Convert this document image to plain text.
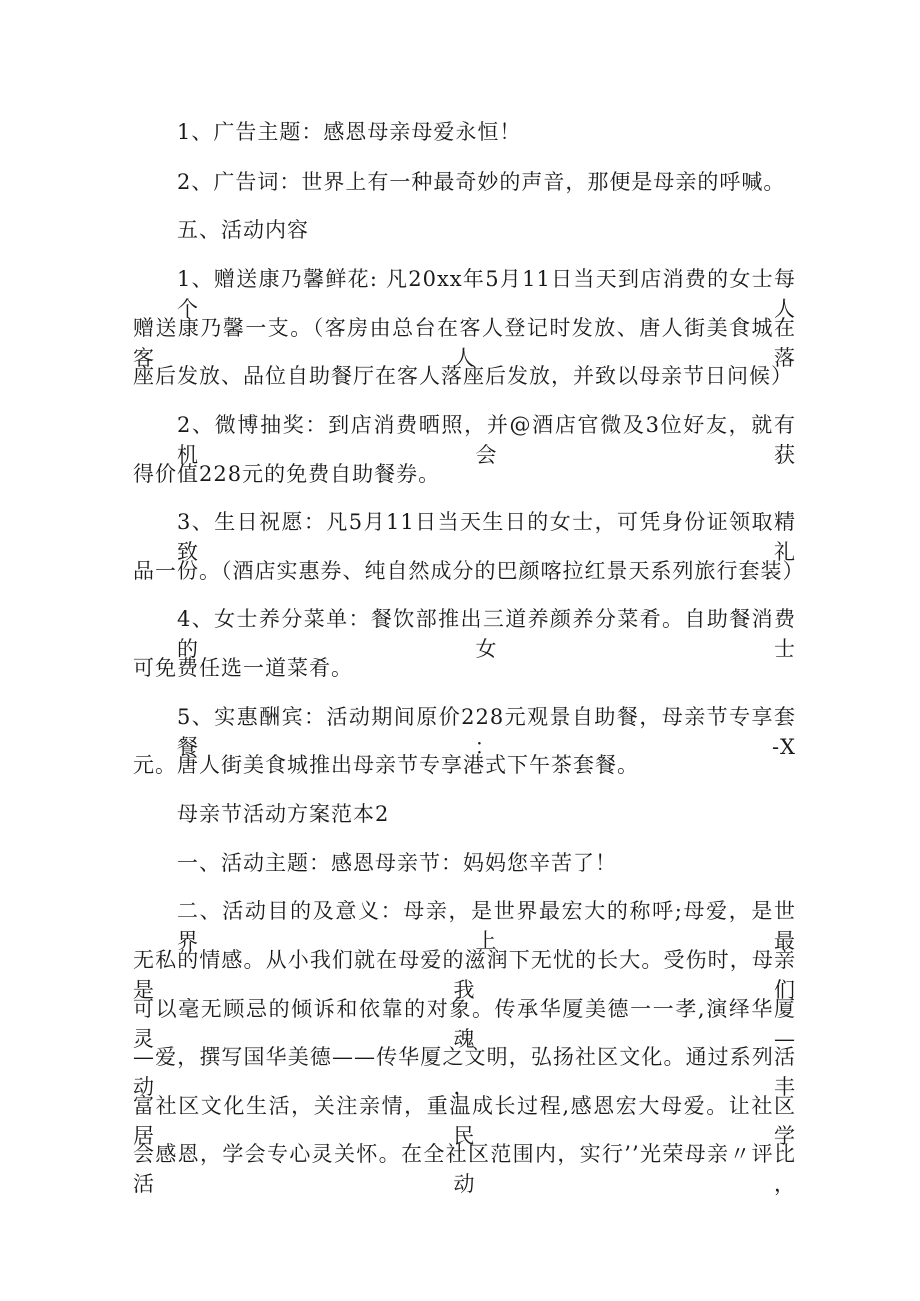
1、广告主题：感恩母亲母爱永恒！
2、广告词：世界上有一种最奇妙的声音，那便是母亲的呼喊。
五、活动内容
1、赠送康乃馨鲜花: 凡20xx年5月11日当天到店消费的女士每个人
赠送康乃馨一支。（客房由总台在客人登记时发放、唐人街美食城在客人落
座后发放、品位自助餐厅在客人落座后发放，并致以母亲节日问候）
2、微博抽奖：到店消费晒照，并@酒店官微及3位好友，就有机会获
得价值228元的免费自助餐券。
3、生日祝愿：凡5月11日当天生日的女士，可凭身份证领取精致礼
品一份。（酒店实惠券、纯自然成分的巴颜喀拉红景天系列旅行套装）
4、女士养分菜单：餐饮部推出三道养颜养分菜肴。自助餐消费的女士
可免费任选一道菜肴。
5、实惠酬宾：活动期间原价228元观景自助餐，母亲节专享套餐：-X
元。唐人街美食城推出母亲节专享港式下午茶套餐。
母亲节活动方案范本2
一、活动主题：感恩母亲节：妈妈您辛苦了！
二、活动目的及意义：母亲，是世界最宏大的称呼;母爱，是世界上最
无私的情感。从小我们就在母爱的滋润下无忧的长大。受伤时，母亲是我们
可以毫无顾忌的倾诉和依靠的对象。传承华厦美德一一孝,演绎华厦灵魂—
—爱，撰写国华美德——传华厦之文明，弘扬社区文化。通过系列活动，丰
富社区文化生活，关注亲情，重温成长过程,感恩宏大母爱。让社区居民学
会感恩，学会专心灵关怀。在全社区范围内，实行’’光荣母亲〃评比活动，
